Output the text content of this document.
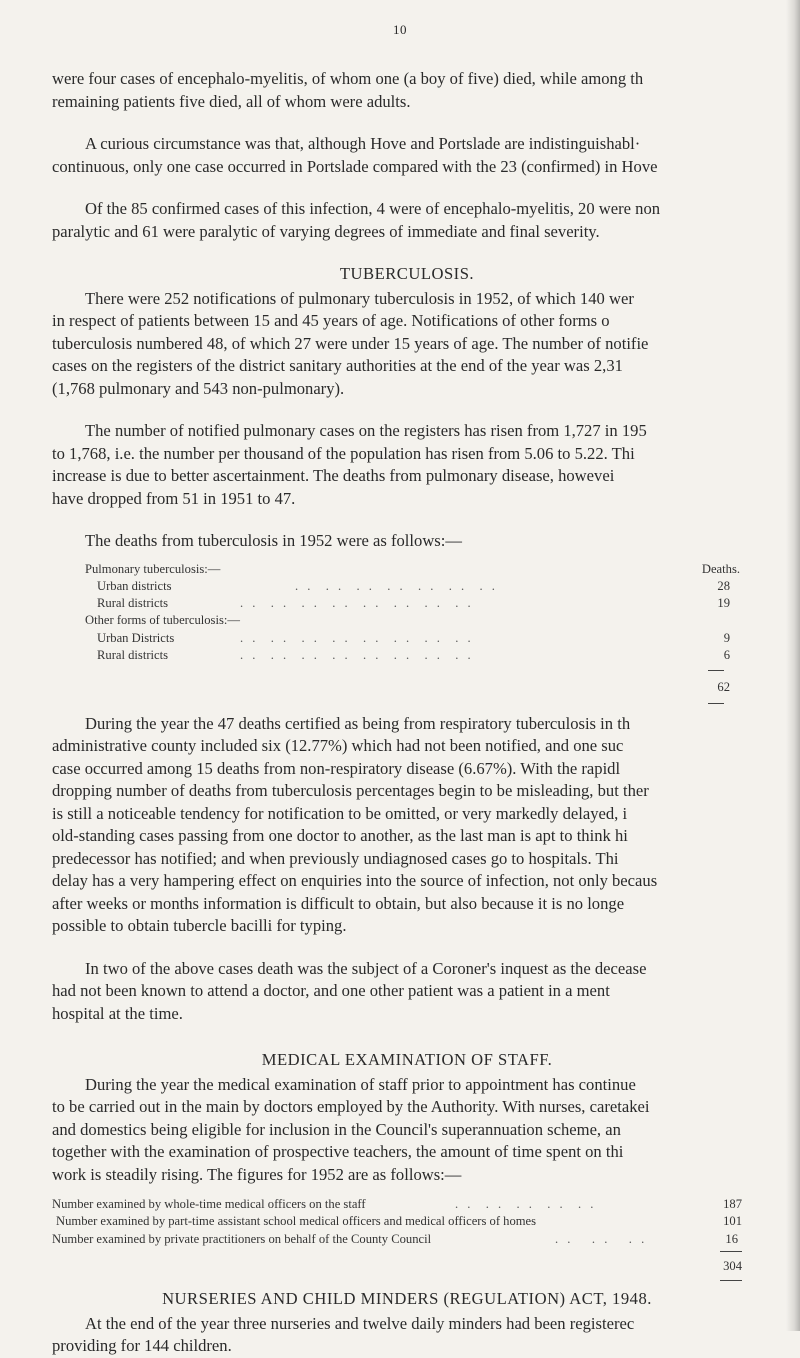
10

were four cases of encephalo-myelitis, of whom one (a boy of five) died, while among th

remaining patients five died, all of whom were adults.

A curious circumstance was that, although Hove and Portslade are indistinguishabl·

continuous, only one case occurred in Portslade compared with the 23 (confirmed) in Hove

Of the 85 confirmed cases of this infection, 4 were of encephalo-myelitis, 20 were non

paralytic and 61 were paralytic of varying degrees of immediate and final severity.

TUBERCULOSIS.

There were 252 notifications of pulmonary tuberculosis in 1952, of which 140 wer

in respect of patients between 15 and 45 years of age. Notifications of other forms o

tuberculosis numbered 48, of which 27 were under 15 years of age. The number of notifie

cases on the registers of the district sanitary authorities at the end of the year was 2,31

(1,768 pulmonary and 543 non-pulmonary).

The number of notified pulmonary cases on the registers has risen from 1,727 in 195

to 1,768, i.e. the number per thousand of the population has risen from 5.06 to 5.22. Thi

increase is due to better ascertainment. The deaths from pulmonary disease, howevei

have dropped from 51 in 1951 to 47.

The deaths from tuberculosis in 1952 were as follows:—

Pulmonary tuberculosis:—	Deaths.
Urban districts	. .  . .  . .  . .  . .  . .  . .	28
Rural districts	. .  . .  . .  . .  . .  . .  . .  . .	19
Other forms of tuberculosis:—
Urban Districts	. .  . .  . .  . .  . .  . .  . .  . .	9
Rural districts	. .  . .  . .  . .  . .  . .  . .  . .	6
62

During the year the 47 deaths certified as being from respiratory tuberculosis in th

administrative county included six (12.77%) which had not been notified, and one suc

case occurred among 15 deaths from non-respiratory disease (6.67%). With the rapidl

dropping number of deaths from tuberculosis percentages begin to be misleading, but ther

is still a noticeable tendency for notification to be omitted, or very markedly delayed, i

old-standing cases passing from one doctor to another, as the last man is apt to think hi

predecessor has notified; and when previously undiagnosed cases go to hospitals. Thi

delay has a very hampering effect on enquiries into the source of infection, not only becaus

after weeks or months information is difficult to obtain, but also because it is no longe

possible to obtain tubercle bacilli for typing.

In two of the above cases death was the subject of a Coroner's inquest as the decease

had not been known to attend a doctor, and one other patient was a patient in a ment

hospital at the time.

MEDICAL EXAMINATION OF STAFF.

During the year the medical examination of staff prior to appointment has continue

to be carried out in the main by doctors employed by the Authority. With nurses, caretakei

and domestics being eligible for inclusion in the Council's superannuation scheme, an

together with the examination of prospective teachers, the amount of time spent on thi

work is steadily rising. The figures for 1952 are as follows:—

Number examined by whole-time medical officers on the staff	. .  . .  . .  . .  . .	187
Number examined by part-time assistant school medical officers and medical officers of homes	101
Number examined by private practitioners on behalf of the County Council	. .   . .   . .	16
304
NURSERIES AND CHILD MINDERS (REGULATION) ACT, 1948.

At the end of the year three nurseries and twelve daily minders had been registerec

providing for 144 children.
